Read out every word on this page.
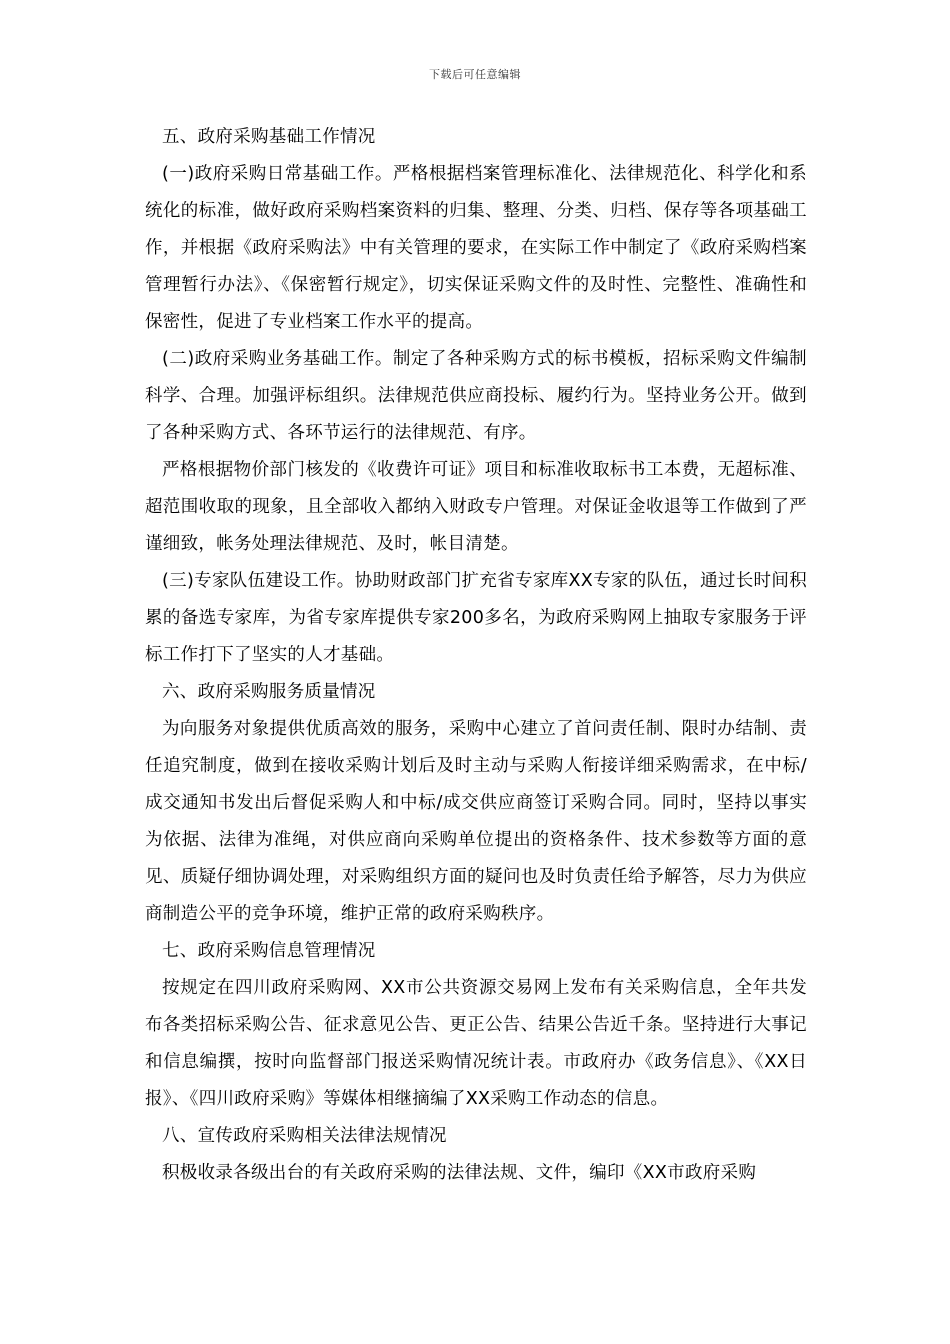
下载后可任意编辑

五、政府采购基础工作情况

(一)政府采购日常基础工作。严格根据档案管理标准化、法律规范化、科学化和系统化的标准，做好政府采购档案资料的归集、整理、分类、归档、保存等各项基础工作，并根据《政府采购法》中有关管理的要求，在实际工作中制定了《政府采购档案管理暂行办法》、《保密暂行规定》，切实保证采购文件的及时性、完整性、准确性和保密性，促进了专业档案工作水平的提高。

(二)政府采购业务基础工作。制定了各种采购方式的标书模板，招标采购文件编制科学、合理。加强评标组织。法律规范供应商投标、履约行为。坚持业务公开。做到了各种采购方式、各环节运行的法律规范、有序。

严格根据物价部门核发的《收费许可证》项目和标准收取标书工本费，无超标准、超范围收取的现象，且全部收入都纳入财政专户管理。对保证金收退等工作做到了严谨细致，帐务处理法律规范、及时，帐目清楚。

(三)专家队伍建设工作。协助财政部门扩充省专家库XX专家的队伍，通过长时间积累的备选专家库，为省专家库提供专家200多名，为政府采购网上抽取专家服务于评标工作打下了坚实的人才基础。

六、政府采购服务质量情况

为向服务对象提供优质高效的服务，采购中心建立了首问责任制、限时办结制、责任追究制度，做到在接收采购计划后及时主动与采购人衔接详细采购需求，在中标/成交通知书发出后督促采购人和中标/成交供应商签订采购合同。同时，坚持以事实为依据、法律为准绳，对供应商向采购单位提出的资格条件、技术参数等方面的意见、质疑仔细协调处理，对采购组织方面的疑问也及时负责任给予解答，尽力为供应商制造公平的竞争环境，维护正常的政府采购秩序。

七、政府采购信息管理情况

按规定在四川政府采购网、XX市公共资源交易网上发布有关采购信息，全年共发布各类招标采购公告、征求意见公告、更正公告、结果公告近千条。坚持进行大事记和信息编撰，按时向监督部门报送采购情况统计表。市政府办《政务信息》、《XX日报》、《四川政府采购》等媒体相继摘编了XX采购工作动态的信息。

八、宣传政府采购相关法律法规情况

积极收录各级出台的有关政府采购的法律法规、文件，编印《XX市政府采购
